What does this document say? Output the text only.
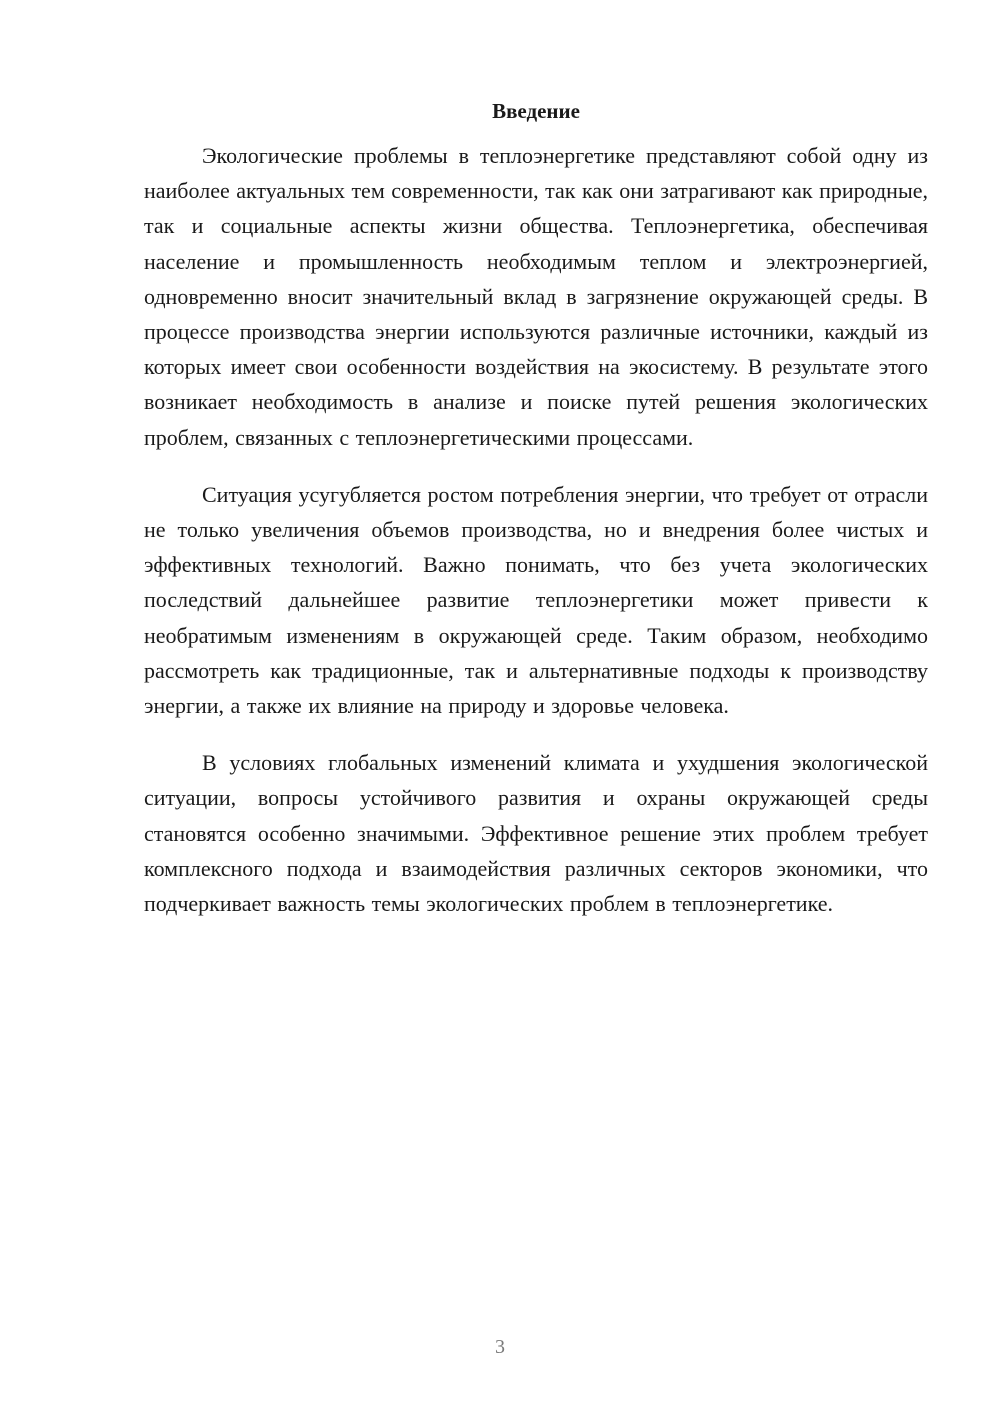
Введение

Экологические проблемы в теплоэнергетике представляют собой одну из наиболее актуальных тем современности, так как они затрагивают как природные, так и социальные аспекты жизни общества. Теплоэнергетика, обеспечивая население и промышленность необходимым теплом и электроэнергией, одновременно вносит значительный вклад в загрязнение окружающей среды. В процессе производства энергии используются различные источники, каждый из которых имеет свои особенности воздействия на экосистему. В результате этого возникает необходимость в анализе и поиске путей решения экологических проблем, связанных с теплоэнергетическими процессами.

Ситуация усугубляется ростом потребления энергии, что требует от отрасли не только увеличения объемов производства, но и внедрения более чистых и эффективных технологий. Важно понимать, что без учета экологических последствий дальнейшее развитие теплоэнергетики может привести к необратимым изменениям в окружающей среде. Таким образом, необходимо рассмотреть как традиционные, так и альтернативные подходы к производству энергии, а также их влияние на природу и здоровье человека.

В условиях глобальных изменений климата и ухудшения экологической ситуации, вопросы устойчивого развития и охраны окружающей среды становятся особенно значимыми. Эффективное решение этих проблем требует комплексного подхода и взаимодействия различных секторов экономики, что подчеркивает важность темы экологических проблем в теплоэнергетике.

3
